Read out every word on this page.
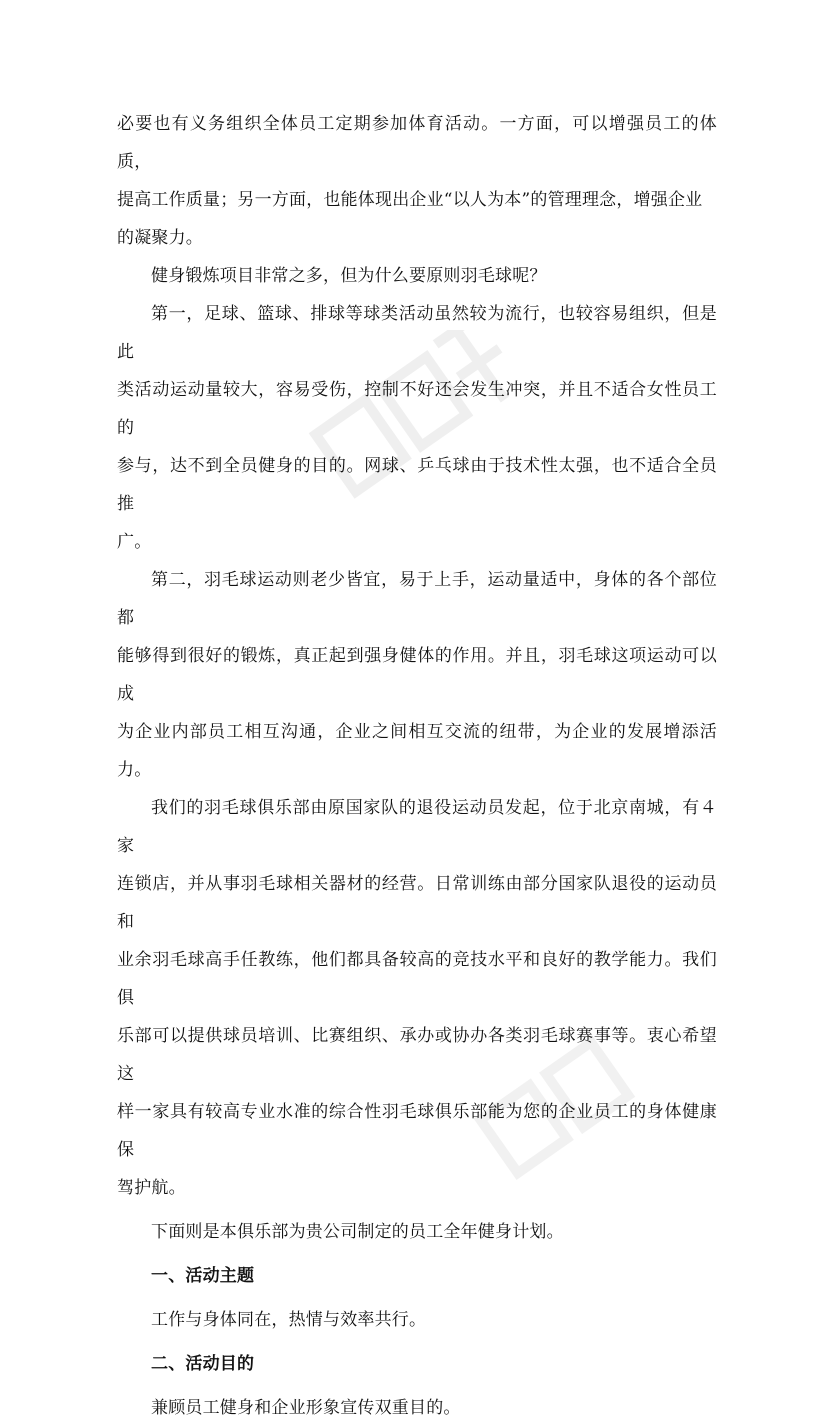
必要也有义务组织全体员工定期参加体育活动。一方面，可以增强员工的体质，
提高工作质量；另一方面，也能体现出企业“以人为本”的管理理念，增强企业
的凝聚力。

健身锻炼项目非常之多，但为什么要原则羽毛球呢？

第一，足球、篮球、排球等球类活动虽然较为流行，也较容易组织，但是此
类活动运动量较大，容易受伤，控制不好还会发生冲突，并且不适合女性员工的
参与，达不到全员健身的目的。网球、乒乓球由于技术性太强，也不适合全员推
广。

第二，羽毛球运动则老少皆宜，易于上手，运动量适中，身体的各个部位都
能够得到很好的锻炼，真正起到强身健体的作用。并且，羽毛球这项运动可以成
为企业内部员工相互沟通，企业之间相互交流的纽带，为企业的发展增添活力。

我们的羽毛球俱乐部由原国家队的退役运动员发起，位于北京南城，有４家
连锁店，并从事羽毛球相关器材的经营。日常训练由部分国家队退役的运动员和
业余羽毛球高手任教练，他们都具备较高的竞技水平和良好的教学能力。我们俱
乐部可以提供球员培训、比赛组织、承办或协办各类羽毛球赛事等。衷心希望这
样一家具有较高专业水准的综合性羽毛球俱乐部能为您的企业员工的身体健康保
驾护航。

下面则是本俱乐部为贵公司制定的员工全年健身计划。

一、活动主题

工作与身体同在，热情与效率共行。

二、活动目的

兼顾员工健身和企业形象宣传双重目的。
